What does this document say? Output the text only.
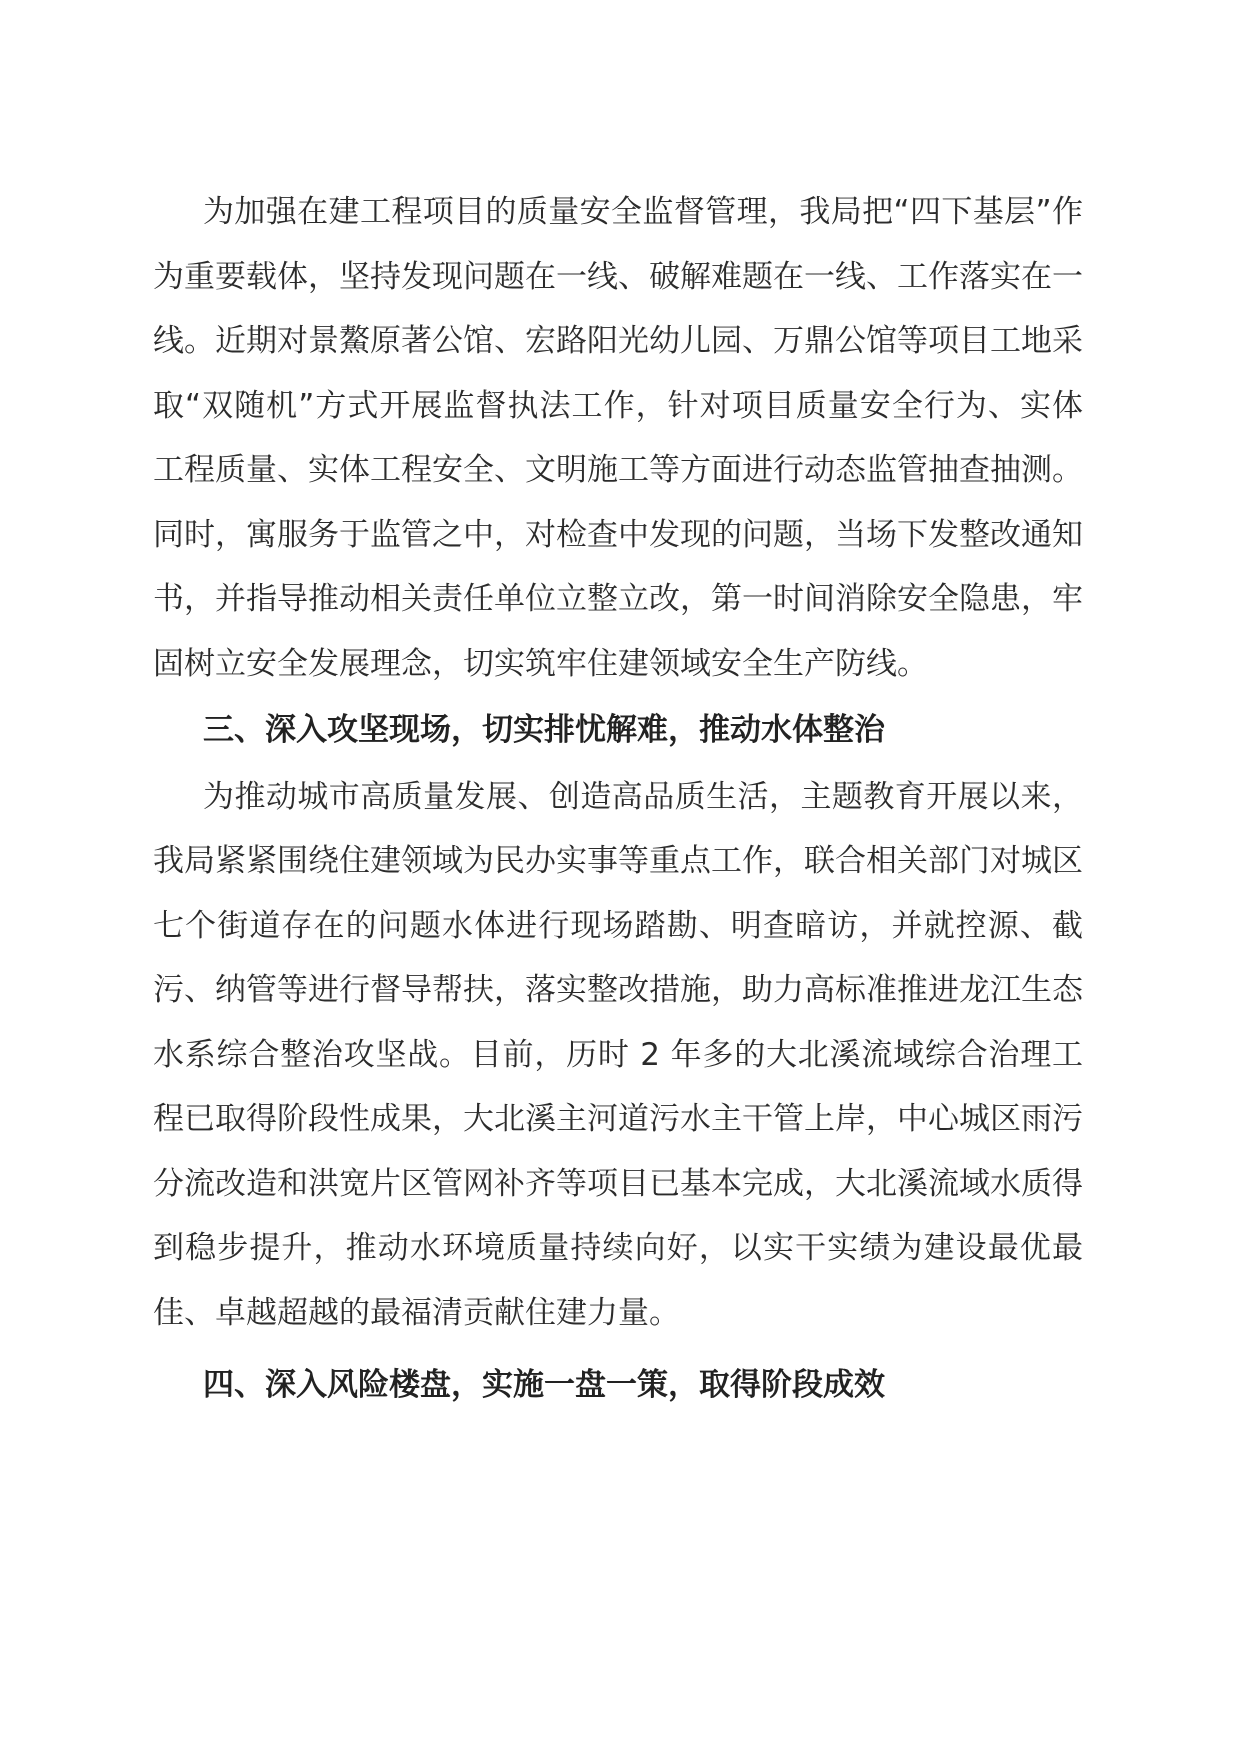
为加强在建工程项目的质量安全监督管理，我局把“四下基层”作为重要载体，坚持发现问题在一线、破解难题在一线、工作落实在一线。近期对景鰲原著公馆、宏路阳光幼儿园、万鼎公馆等项目工地采取“双随机”方式开展监督执法工作，针对项目质量安全行为、实体工程质量、实体工程安全、文明施工等方面进行动态监管抽查抽测。同时，寓服务于监管之中，对检查中发现的问题，当场下发整改通知书，并指导推动相关责任单位立整立改，第一时间消除安全隐患，牢固树立安全发展理念，切实筑牢住建领域安全生产防线。

三、深入攻坚现场，切实排忧解难，推动水体整治

为推动城市高质量发展、创造高品质生活，主题教育开展以来，我局紧紧围绕住建领域为民办实事等重点工作，联合相关部门对城区七个街道存在的问题水体进行现场踏勘、明查暗访，并就控源、截污、纳管等进行督导帮扶，落实整改措施，助力高标准推进龙江生态水系综合整治攻坚战。目前，历时 2 年多的大北溪流域综合治理工程已取得阶段性成果，大北溪主河道污水主干管上岸，中心城区雨污分流改造和洪宽片区管网补齐等项目已基本完成，大北溪流域水质得到稳步提升，推动水环境质量持续向好，以实干实绩为建设最优最佳、卓越超越的最福清贡献住建力量。

四、深入风险楼盘，实施一盘一策，取得阶段成效
